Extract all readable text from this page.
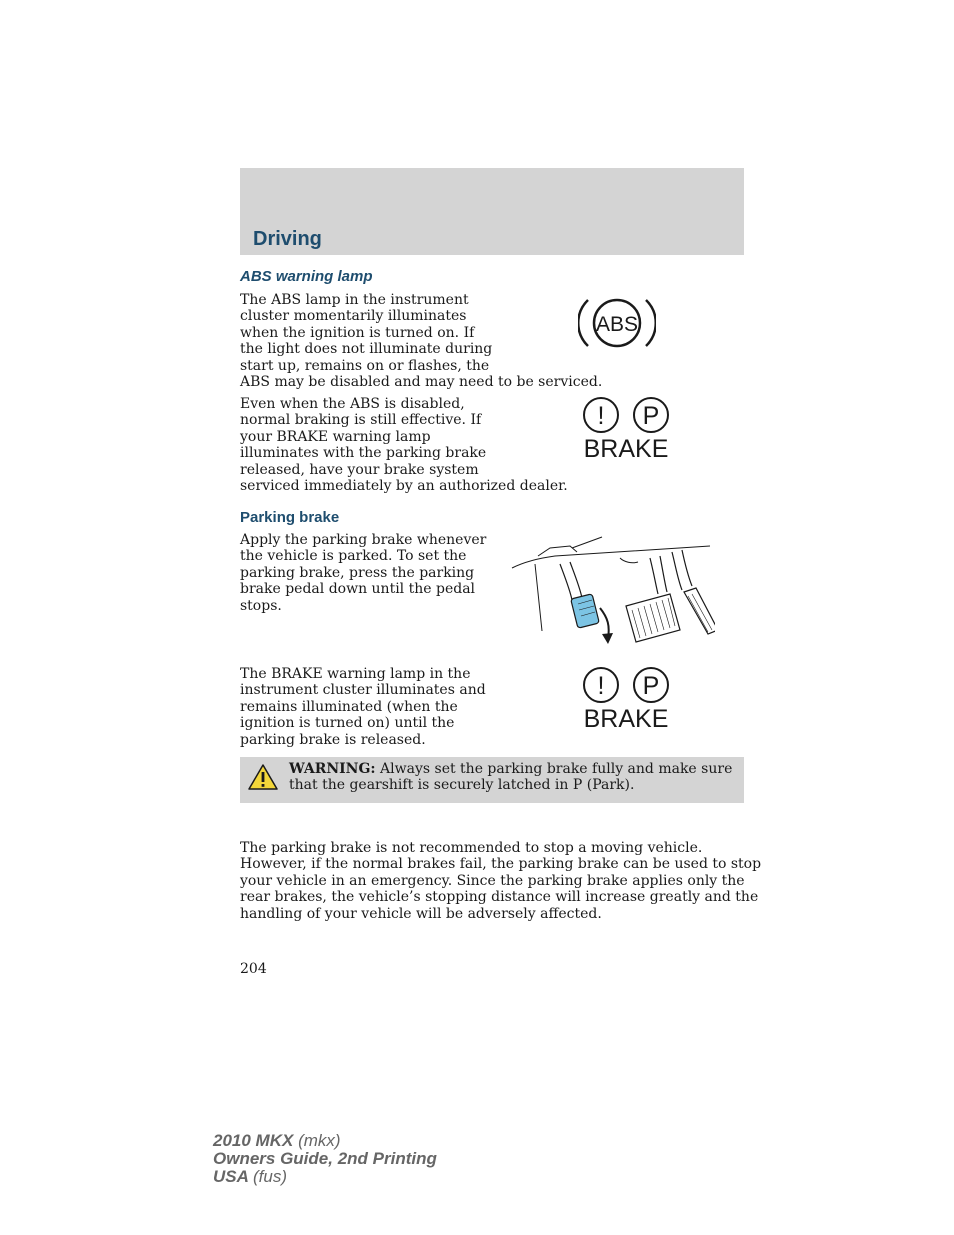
Driving
ABS warning lamp

The ABS lamp in the instrument
cluster momentarily illuminates
when the ignition is turned on. If
the light does not illuminate during
start up, remains on or flashes, the
ABS may be disabled and may need to be serviced.

ABS

Even when the ABS is disabled,
normal braking is still effective. If
your BRAKE warning lamp
illuminates with the parking brake
released, have your brake system
serviced immediately by an authorized dealer.

! P
BRAKE
Parking brake

Apply the parking brake whenever
the vehicle is parked. To set the
parking brake, press the parking
brake pedal down until the pedal
stops.

The BRAKE warning lamp in the
instrument cluster illuminates and
remains illuminated (when the
ignition is turned on) until the
parking brake is released.

! P
BRAKE
WARNING: Always set the parking brake fully and make sure
that the gearshift is securely latched in P (Park).

The parking brake is not recommended to stop a moving vehicle.
However, if the normal brakes fail, the parking brake can be used to stop
your vehicle in an emergency. Since the parking brake applies only the
rear brakes, the vehicle’s stopping distance will increase greatly and the
handling of your vehicle will be adversely affected.

204
2010 MKX (mkx)
Owners Guide, 2nd Printing
USA (fus)
